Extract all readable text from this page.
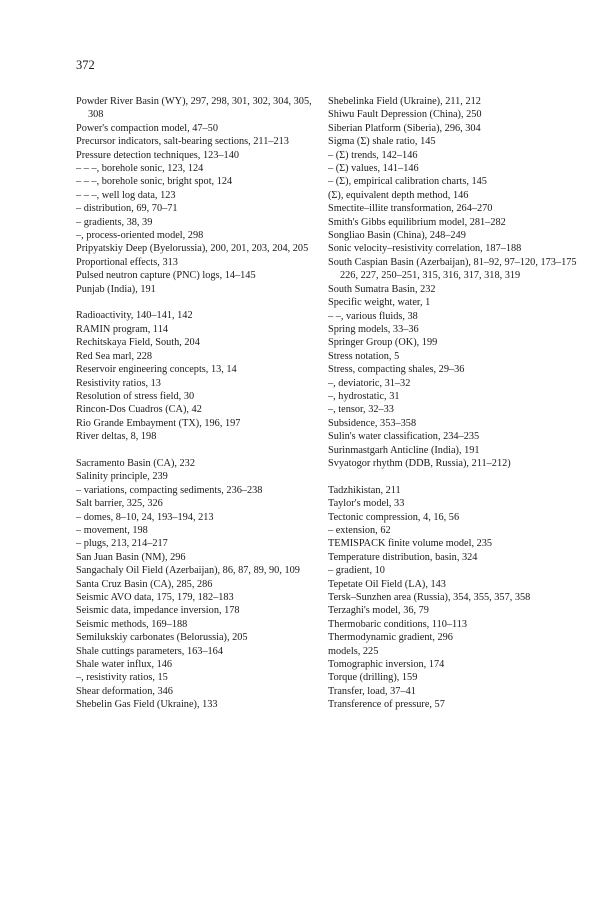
372
Powder River Basin (WY), 297, 298, 301, 302, 304, 305, 308
Power's compaction model, 47–50
Precursor indicators, salt-bearing sections, 211–213
Pressure detection techniques, 123–140
– – –, borehole sonic, 123, 124
– – –, borehole sonic, bright spot, 124
– – –, well log data, 123
– distribution, 69, 70–71
– gradients, 38, 39
–, process-oriented model, 298
Pripyatskiy Deep (Byelorussia), 200, 201, 203, 204, 205
Proportional effects, 313
Pulsed neutron capture (PNC) logs, 14–145
Punjab (India), 191
Radioactivity, 140–141, 142
RAMIN program, 114
Rechitskaya Field, South, 204
Red Sea marl, 228
Reservoir engineering concepts, 13, 14
Resistivity ratios, 13
Resolution of stress field, 30
Rincon-Dos Cuadros (CA), 42
Rio Grande Embayment (TX), 196, 197
River deltas, 8, 198
Sacramento Basin (CA), 232
Salinity principle, 239
– variations, compacting sediments, 236–238
Salt barrier, 325, 326
– domes, 8–10, 24, 193–194, 213
– movement, 198
– plugs, 213, 214–217
San Juan Basin (NM), 296
Sangachaly Oil Field (Azerbaijan), 86, 87, 89, 90, 109
Santa Cruz Basin (CA), 285, 286
Seismic AVO data, 175, 179, 182–183
Seismic data, impedance inversion, 178
Seismic methods, 169–188
Semilukskiy carbonates (Belorussia), 205
Shale cuttings parameters, 163–164
Shale water influx, 146
–, resistivity ratios, 15
Shear deformation, 346
Shebelin Gas Field (Ukraine), 133
Shebelinka Field (Ukraine), 211, 212
Shiwu Fault Depression (China), 250
Siberian Platform (Siberia), 296, 304
Sigma (Σ) shale ratio, 145
– (Σ) trends, 142–146
– (Σ) values, 141–146
– (Σ), empirical calibration charts, 145
(Σ), equivalent depth method, 146
Smectite–illite transformation, 264–270
Smith's Gibbs equilibrium model, 281–282
Songliao Basin (China), 248–249
Sonic velocity–resistivity correlation, 187–188
South Caspian Basin (Azerbaijan), 81–92, 97–120, 173–175 226, 227, 250–251, 315, 316, 317, 318, 319
South Sumatra Basin, 232
Specific weight, water, 1
– –, various fluids, 38
Spring models, 33–36
Springer Group (OK), 199
Stress notation, 5
Stress, compacting shales, 29–36
–, deviatoric, 31–32
–, hydrostatic, 31
–, tensor, 32–33
Subsidence, 353–358
Sulin's water classification, 234–235
Surinmastgarh Anticline (India), 191
Svyatogor rhythm (DDB, Russia), 211–212)
Tadzhikistan, 211
Taylor's model, 33
Tectonic compression, 4, 16, 56
– extension, 62
TEMISPACK finite volume model, 235
Temperature distribution, basin, 324
– gradient, 10
Tepetate Oil Field (LA), 143
Tersk–Sunzhen area (Russia), 354, 355, 357, 358
Terzaghi's model, 36, 79
Thermobaric conditions, 110–113
Thermodynamic gradient, 296
models, 225
Tomographic inversion, 174
Torque (drilling), 159
Transfer, load, 37–41
Transference of pressure, 57
